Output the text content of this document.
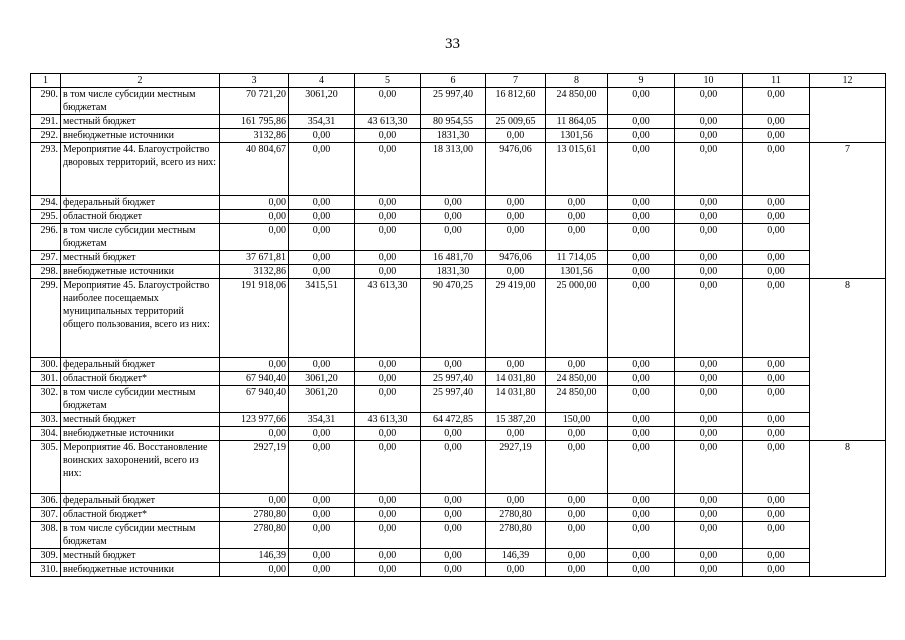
33
1	2	3	4	5	6	7	8	9	10	11	12
290.	в том числе субсидии местным бюджетам	70 721,20	3061,20	0,00	25 997,40	16 812,60	24 850,00	0,00	0,00	0,00	
291.	местный бюджет	161 795,86	354,31	43 613,30	80 954,55	25 009,65	11 864,05	0,00	0,00	0,00	
292.	внебюджетные источники	3132,86	0,00	0,00	1831,30	0,00	1301,56	0,00	0,00	0,00	
293.	Мероприятие 44. Благоустройство дворовых территорий, всего из них:	40 804,67	0,00	0,00	18 313,00	9476,06	13 015,61	0,00	0,00	0,00	7
294.	федеральный бюджет	0,00	0,00	0,00	0,00	0,00	0,00	0,00	0,00	0,00	
295.	областной бюджет	0,00	0,00	0,00	0,00	0,00	0,00	0,00	0,00	0,00	
296.	в том числе субсидии местным бюджетам	0,00	0,00	0,00	0,00	0,00	0,00	0,00	0,00	0,00	
297.	местный бюджет	37 671,81	0,00	0,00	16 481,70	9476,06	11 714,05	0,00	0,00	0,00	
298.	внебюджетные источники	3132,86	0,00	0,00	1831,30	0,00	1301,56	0,00	0,00	0,00	
299.	Мероприятие 45. Благоустройство наиболее посещаемых муниципальных территорий общего пользования, всего из них:	191 918,06	3415,51	43 613,30	90 470,25	29 419,00	25 000,00	0,00	0,00	0,00	8
300.	федеральный бюджет	0,00	0,00	0,00	0,00	0,00	0,00	0,00	0,00	0,00	
301.	областной бюджет*	67 940,40	3061,20	0,00	25 997,40	14 031,80	24 850,00	0,00	0,00	0,00	
302.	в том числе субсидии местным бюджетам	67 940,40	3061,20	0,00	25 997,40	14 031,80	24 850,00	0,00	0,00	0,00	
303.	местный бюджет	123 977,66	354,31	43 613,30	64 472,85	15 387,20	150,00	0,00	0,00	0,00	
304.	внебюджетные источники	0,00	0,00	0,00	0,00	0,00	0,00	0,00	0,00	0,00	
305.	Мероприятие 46. Восстановление воинских захоронений, всего из них:	2927,19	0,00	0,00	0,00	2927,19	0,00	0,00	0,00	0,00	8
306.	федеральный бюджет	0,00	0,00	0,00	0,00	0,00	0,00	0,00	0,00	0,00	
307.	областной бюджет*	2780,80	0,00	0,00	0,00	2780,80	0,00	0,00	0,00	0,00	
308.	в том числе субсидии местным бюджетам	2780,80	0,00	0,00	0,00	2780,80	0,00	0,00	0,00	0,00	
309.	местный бюджет	146,39	0,00	0,00	0,00	146,39	0,00	0,00	0,00	0,00	
310.	внебюджетные источники	0,00	0,00	0,00	0,00	0,00	0,00	0,00	0,00	0,00	
